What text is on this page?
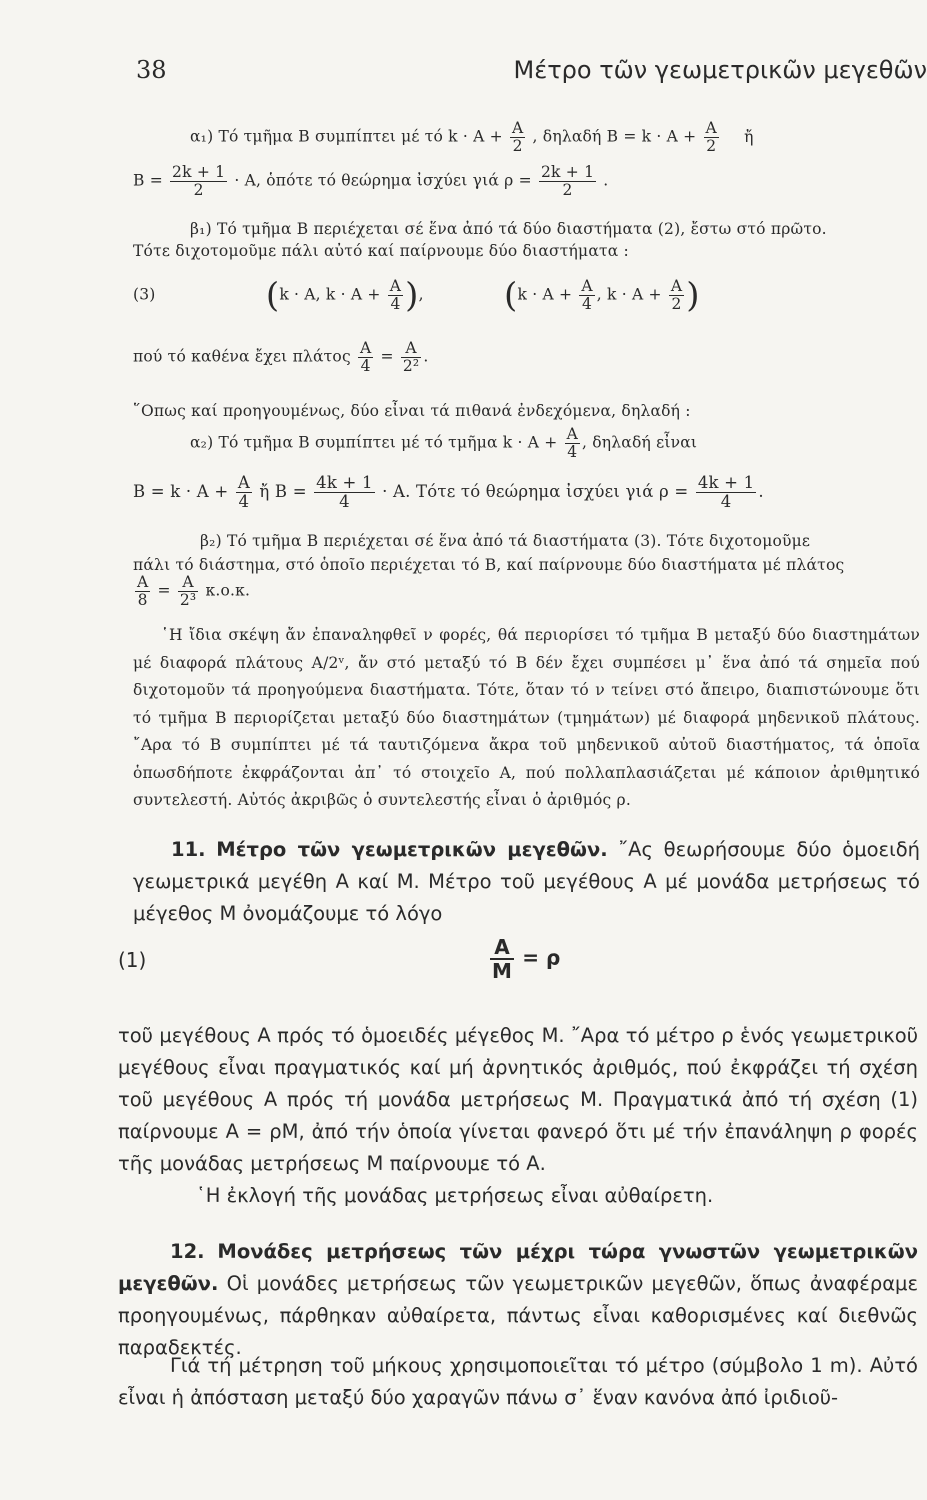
38	Μέτρο τῶν γεωμετρικῶν μεγεθῶν
α₁) Τό τμῆμα Β συμπίπτει μέ τό $k \cdot A + \frac{A}{2}$ , δηλαδή $B = k \cdot A + \frac{A}{2}$ ἤ
$B = \frac{2k + 1}{2} \cdot A$, ὁπότε τό θεώρημα ἰσχύει γιά $\rho = \frac{2k + 1}{2}$ .
β₁) Τό τμῆμα Β περιέχεται σέ ἕνα ἀπό τά δύο διαστήματα (2), ἔστω στό πρῶτο.
Τότε διχοτομοῦμε πάλι αὐτό καί παίρνουμε δύο διαστήματα :
(3)	(k · A, $k \cdot A + \frac{A}{4}$ ),  ($k \cdot A + \frac{A}{4}$ , $k \cdot A + \frac{A}{2}$ )
πού τό καθένα ἔχει πλάτος $\frac{A}{4} = \frac{A}{\text{2²}}$ .
῞Οπως καί προηγουμένως, δύο εἶναι τά πιθανά ἐνδεχόμενα, δηλαδή :
α₂) Τό τμῆμα Β συμπίπτει μέ τό τμῆμα $k \cdot A + \frac{A}{4}$ , δηλαδή εἶναι
$B = k \cdot A + \frac{A}{4}$ ἤ $B = \frac{4k + 1}{4} \cdot A$. Τότε τό θεώρημα ἰσχύει γιά $\rho = \frac{4k + 1}{4}$ .
β₂) Τό τμῆμα Β περιέχεται σέ ἕνα ἀπό τά διαστήματα (3). Τότε διχοτομοῦμε
πάλι τό διάστημα, στό ὁποῖο περιέχεται τό Β, καί παίρνουμε δύο διαστήματα μέ πλάτος
$\frac{A}{8} = \frac{A}{\text{2³}} \kappa.o.\kappa$.
῾Η ἴδια σκέψη ἄν ἐπαναληφθεῖ ν φορές, θά περιορίσει τό τμῆμα Β μεταξύ δύο διαστημάτων μέ διαφορά πλάτους A/2ᵛ, ἄν στό μεταξύ τό Β δέν ἔχει συμπέσει μ᾽ ἕνα ἀπό τά σημεῖα πού διχοτομοῦν τά προηγούμενα διαστήματα. Τότε, ὅταν τό ν τείνει στό ἄπειρο, διαπιστώνουμε ὅτι τό τμῆμα Β περιορίζεται μεταξύ δύο διαστημάτων (τμημάτων) μέ διαφορά μηδενικοῦ πλάτους. ῎Αρα τό Β συμπίπτει μέ τά ταυτιζόμενα ἄκρα τοῦ μηδενικοῦ αὐτοῦ διαστήματος, τά ὁποῖα ὁπωσδήποτε ἐκφράζονται ἀπ᾽ τό στοιχεῖο Α, πού πολλαπλασιάζεται μέ κάποιον ἀριθμητικό συντελεστή. Αὐτός ἀκριβῶς ὁ συντελεστής εἶναι ὁ ἀριθμός ρ.
11. Μέτρο τῶν γεωμετρικῶν μεγεθῶν. ῎Ας θεωρήσουμε δύο ὁμοειδή γεωμετρικά μεγέθη Α καί Μ. Μέτρο τοῦ μεγέθους Α μέ μονάδα μετρήσεως τό μέγεθος Μ ὀνομάζουμε τό λόγο
(1)	$\frac{A}{M} = \rho$
τοῦ μεγέθους Α πρός τό ὁμοειδές μέγεθος Μ. ῎Αρα τό μέτρο ρ ἑνός γεωμετρικοῦ μεγέθους εἶναι πραγματικός καί μή ἀρνητικός ἀριθμός, πού ἐκφράζει τή σχέση τοῦ μεγέθους Α πρός τή μονάδα μετρήσεως Μ. Πραγματικά ἀπό τή σχέση (1) παίρνουμε Α = ρΜ, ἀπό τήν ὁποία γίνεται φανερό ὅτι μέ τήν ἐπανάληψη ρ φορές τῆς μονάδας μετρήσεως Μ παίρνουμε τό Α.
῾Η ἐκλογή τῆς μονάδας μετρήσεως εἶναι αὐθαίρετη.
12. Μονάδες μετρήσεως τῶν μέχρι τώρα γνωστῶν γεωμετρικῶν μεγεθῶν. Οἱ μονάδες μετρήσεως τῶν γεωμετρικῶν μεγεθῶν, ὅπως ἀναφέραμε προηγουμένως, πάρθηκαν αὐθαίρετα, πάντως εἶναι καθορισμένες καί διεθνῶς παραδεκτές.
Γιά τή μέτρηση τοῦ μήκους χρησιμοποιεῖται τό μέτρο (σύμβολο 1 m). Αὐτό εἶναι ἡ ἀπόσταση μεταξύ δύο χαραγῶν πάνω σ᾽ ἕναν κανόνα ἀπό ἰριδιοῦ-
